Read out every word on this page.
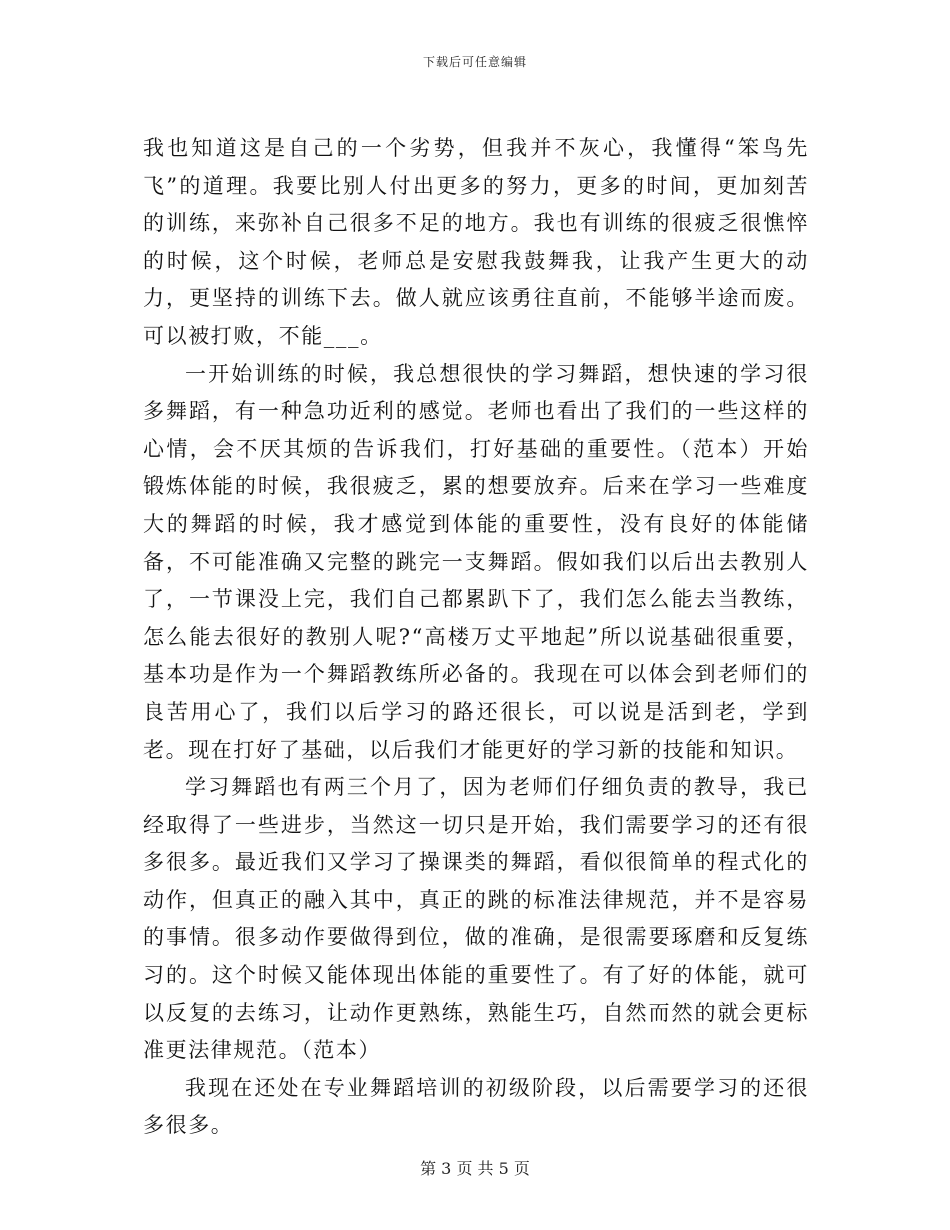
下载后可任意编辑

我也知道这是自己的一个劣势，但我并不灰心，我懂得“笨鸟先飞”的道理。我要比别人付出更多的努力，更多的时间，更加刻苦的训练，来弥补自己很多不足的地方。我也有训练的很疲乏很憔悴的时候，这个时候，老师总是安慰我鼓舞我，让我产生更大的动力，更坚持的训练下去。做人就应该勇往直前，不能够半途而废。可以被打败，不能___。

一开始训练的时候，我总想很快的学习舞蹈，想快速的学习很多舞蹈，有一种急功近利的感觉。老师也看出了我们的一些这样的心情，会不厌其烦的告诉我们，打好基础的重要性。（范本）开始锻炼体能的时候，我很疲乏，累的想要放弃。后来在学习一些难度大的舞蹈的时候，我才感觉到体能的重要性，没有良好的体能储备，不可能准确又完整的跳完一支舞蹈。假如我们以后出去教别人了，一节课没上完，我们自己都累趴下了，我们怎么能去当教练，怎么能去很好的教别人呢?“高楼万丈平地起”所以说基础很重要，基本功是作为一个舞蹈教练所必备的。我现在可以体会到老师们的良苦用心了，我们以后学习的路还很长，可以说是活到老，学到老。现在打好了基础，以后我们才能更好的学习新的技能和知识。

学习舞蹈也有两三个月了，因为老师们仔细负责的教导，我已经取得了一些进步，当然这一切只是开始，我们需要学习的还有很多很多。最近我们又学习了操课类的舞蹈，看似很简单的程式化的动作，但真正的融入其中，真正的跳的标准法律规范，并不是容易的事情。很多动作要做得到位，做的准确，是很需要琢磨和反复练习的。这个时候又能体现出体能的重要性了。有了好的体能，就可以反复的去练习，让动作更熟练，熟能生巧，自然而然的就会更标准更法律规范。（范本）

我现在还处在专业舞蹈培训的初级阶段，以后需要学习的还很多很多。

第 3 页 共 5 页
